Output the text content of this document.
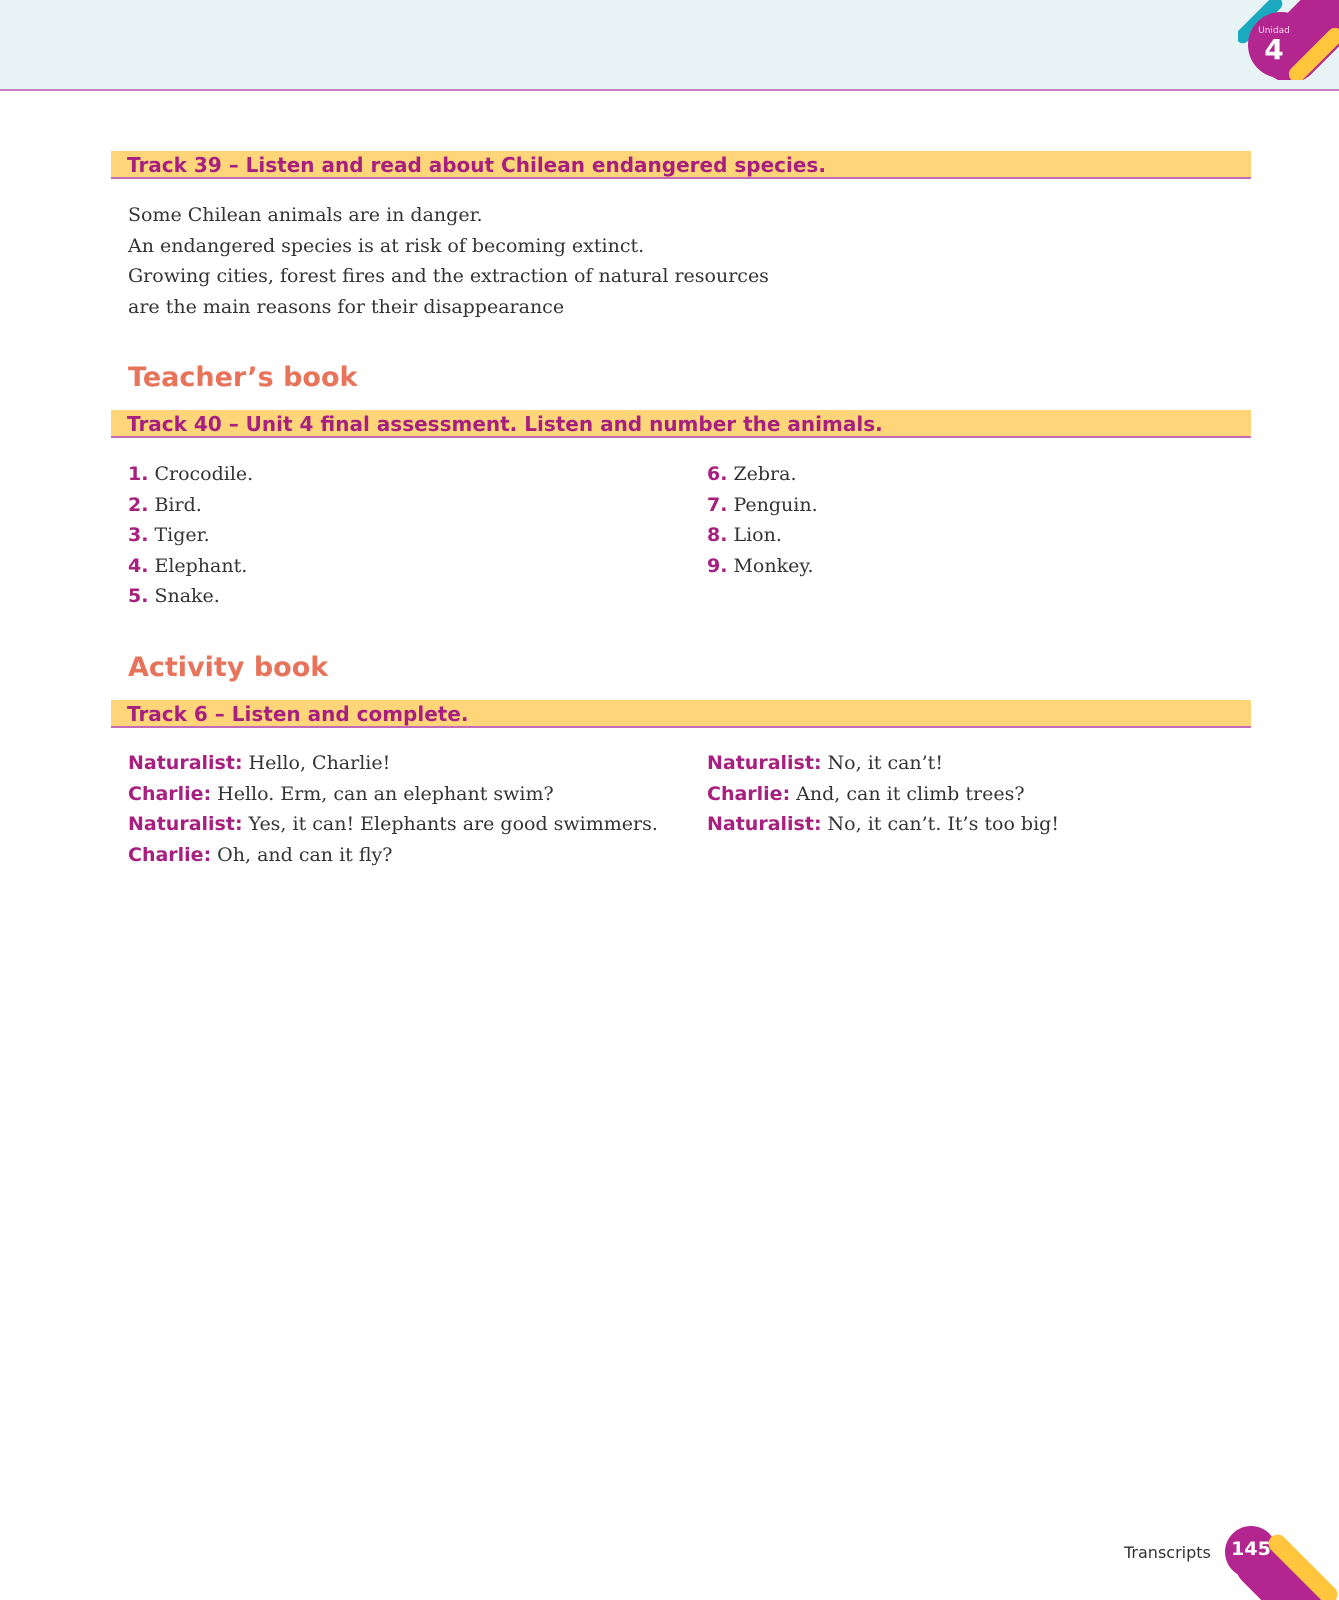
Unidad
4
Track 39 – Listen and read about Chilean endangered species.
Some Chilean animals are in danger.
An endangered species is at risk of becoming extinct.
Growing cities, forest fires and the extraction of natural resources
are the main reasons for their disappearance
Teacher’s book
Track 40 – Unit 4 final assessment. Listen and number the animals.
1. Crocodile.
2. Bird.
3. Tiger.
4. Elephant.
5. Snake.
6. Zebra.
7. Penguin.
8. Lion.
9. Monkey.
Activity book
Track 6 – Listen and complete.
Naturalist: Hello, Charlie!
Charlie: Hello. Erm, can an elephant swim?
Naturalist: Yes, it can! Elephants are good swimmers.
Charlie: Oh, and can it fly?
Naturalist: No, it can’t!
Charlie: And, can it climb trees?
Naturalist: No, it can’t. It’s too big!
Transcripts	145
